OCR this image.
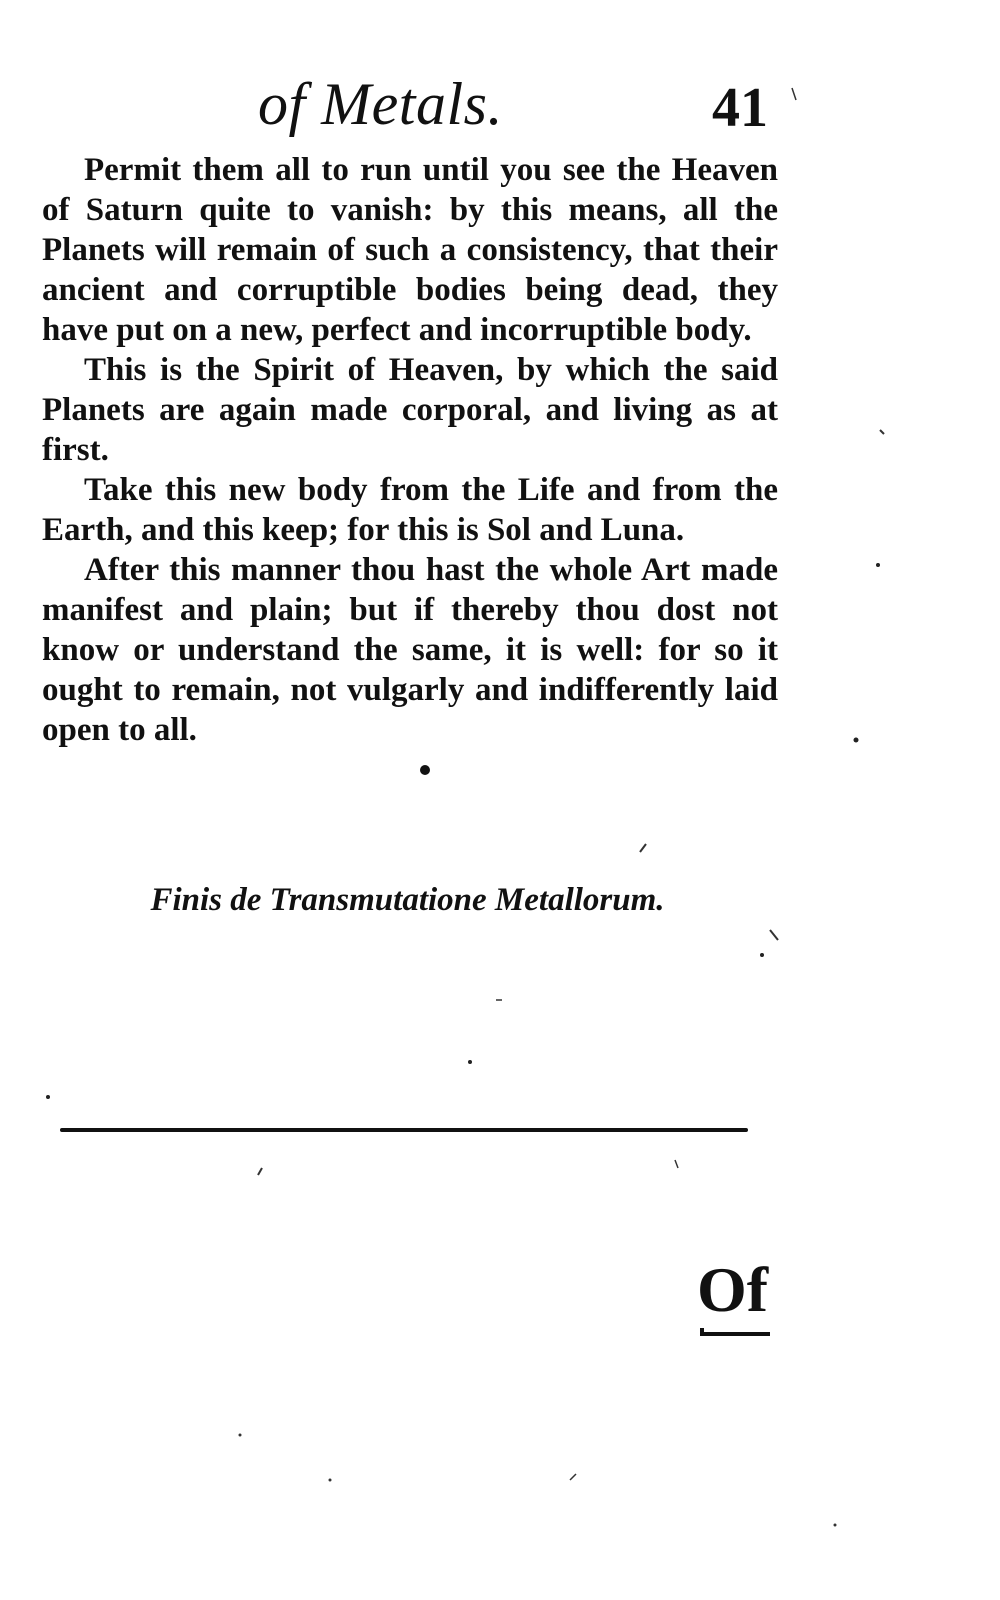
of Metals.	41

Permit them all to run until you see the Heaven of Saturn quite to vanish: by this means, all the Planets will remain of such a consistency, that their ancient and corruptible bodies being dead, they have put on a new, perfect and incorruptible body.

This is the Spirit of Heaven, by which the said Planets are again made corporal, and living as at first.

Take this new body from the Life and from the Earth, and this keep; for this is Sol and Luna.

After this manner thou hast the whole Art made manifest and plain; but if thereby thou dost not know or understand the same, it is well: for so it ought to remain, not vulgarly and indifferently laid open to all.

Finis de Transmutatione Metallorum.
Of
